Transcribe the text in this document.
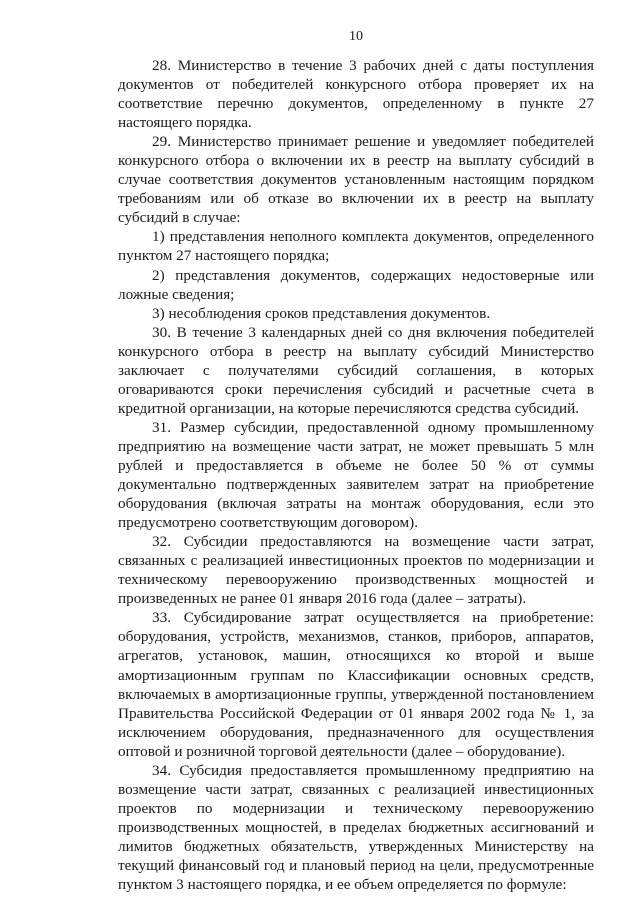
10

28. Министерство в течение 3 рабочих дней с даты поступления документов от победителей конкурсного отбора проверяет их на соответствие перечню документов, определенному в пункте 27 настоящего порядка.

29. Министерство принимает решение и уведомляет победителей конкурсного отбора о включении их в реестр на выплату субсидий в случае соответствия документов установленным настоящим порядком требованиям или об отказе во включении их в реестр на выплату субсидий в случае:

1) представления неполного комплекта документов, определенного пунктом 27 настоящего порядка;

2) представления документов, содержащих недостоверные или ложные сведения;

3) несоблюдения сроков представления документов.

30. В течение 3 календарных дней со дня включения победителей конкурсного отбора в реестр на выплату субсидий Министерство заключает с получателями субсидий соглашения, в которых оговариваются сроки перечисления субсидий и расчетные счета в кредитной организации, на которые перечисляются средства субсидий.

31. Размер субсидии, предоставленной одному промышленному предприятию на возмещение части затрат, не может превышать 5 млн рублей и предоставляется в объеме не более 50 % от суммы документально подтвержденных заявителем затрат на приобретение оборудования (включая затраты на монтаж оборудования, если это предусмотрено соответствующим договором).

32. Субсидии предоставляются на возмещение части затрат, связанных с реализацией инвестиционных проектов по модернизации и техническому перевооружению производственных мощностей и произведенных не ранее 01 января 2016 года (далее – затраты).

33. Субсидирование затрат осуществляется на приобретение: оборудования, устройств, механизмов, станков, приборов, аппаратов, агрегатов, установок, машин, относящихся ко второй и выше амортизационным группам по Классификации основных средств, включаемых в амортизационные группы, утвержденной постановлением Правительства Российской Федерации от 01 января 2002 года № 1, за исключением оборудования, предназначенного для осуществления оптовой и розничной торговой деятельности (далее – оборудование).

34. Субсидия предоставляется промышленному предприятию на возмещение части затрат, связанных с реализацией инвестиционных проектов по модернизации и техническому перевооружению производственных мощностей, в пределах бюджетных ассигнований и лимитов бюджетных обязательств, утвержденных Министерству на текущий финансовый год и плановый период на цели, предусмотренные пунктом 3 настоящего порядка, и ее объем определяется по формуле:
